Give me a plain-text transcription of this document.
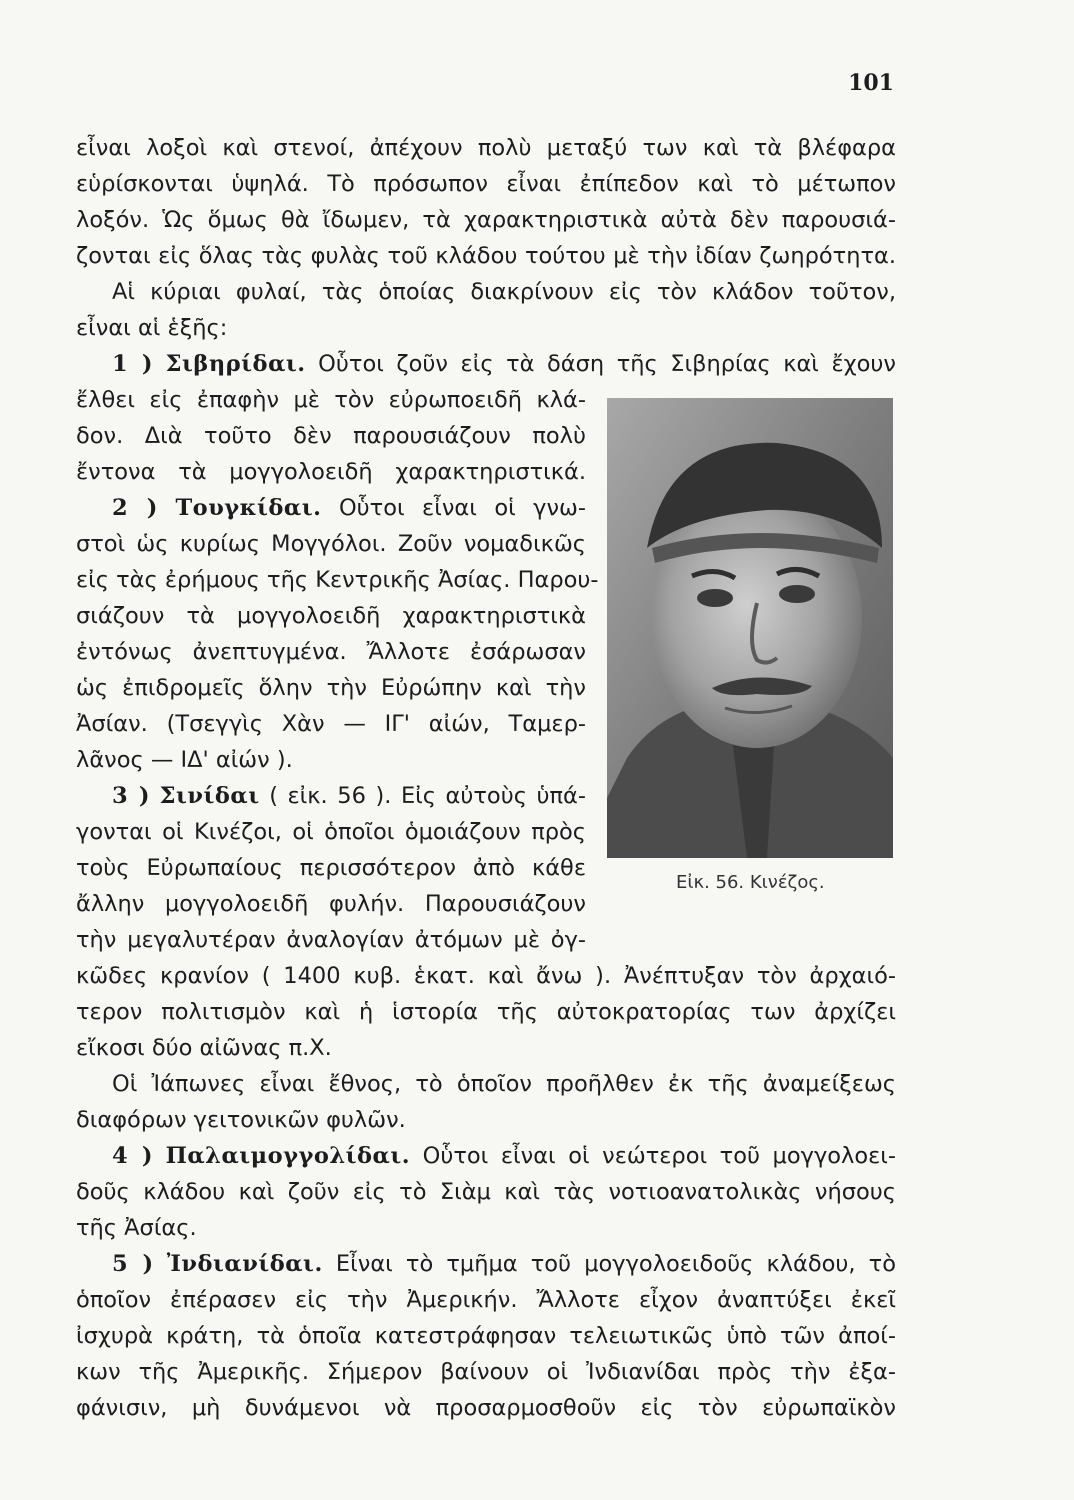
101
εἶναι λοξοὶ καὶ στενοί, ἀπέχουν πολὺ μεταξύ των καὶ τὰ βλέφαρα
εὑρίσκονται ὑψηλά. Τὸ πρόσωπον εἶναι ἐπίπεδον καὶ τὸ μέτωπον
λοξόν. Ὡς ὅμως θὰ ἴδωμεν, τὰ χαρακτηριστικὰ αὐτὰ δὲν παρουσιά-
ζονται εἰς ὅλας τὰς φυλὰς τοῦ κλάδου τούτου μὲ τὴν ἰδίαν ζωηρότητα.
Αἱ κύριαι φυλαί, τὰς ὁποίας διακρίνουν εἰς τὸν κλάδον τοῦτον,
εἶναι αἱ ἑξῆς:
1 ) Σιβηρίδαι. Οὗτοι ζοῦν εἰς τὰ δάση τῆς Σιβηρίας καὶ ἔχουν
ἔλθει εἰς ἐπαφὴν μὲ τὸν εὐρωποειδῆ κλά-
δον. Διὰ τοῦτο δὲν παρουσιάζουν πολὺ
ἔντονα τὰ μογγολοειδῆ χαρακτηριστικά.
2 ) Τουγκίδαι. Οὗτοι εἶναι οἱ γνω-
στοὶ ὡς κυρίως Μογγόλοι. Ζοῦν νομαδικῶς
εἰς τὰς ἐρήμους τῆς Κεντρικῆς Ἀσίας. Παρου-
σιάζουν τὰ μογγολοειδῆ χαρακτηριστικὰ
ἐντόνως ἀνεπτυγμένα. Ἄλλοτε ἐσάρωσαν
ὡς ἐπιδρομεῖς ὅλην τὴν Εὐρώπην καὶ τὴν
Ἀσίαν. (Τσεγγὶς Χὰν — ΙΓ' αἰών, Ταμερ-
λᾶνος — ΙΔ' αἰών ).
3 ) Σινίδαι ( εἰκ. 56 ). Εἰς αὐτοὺς ὑπά-
γονται οἱ Κινέζοι, οἱ ὁποῖοι ὁμοιάζουν πρὸς
τοὺς Εὐρωπαίους περισσότερον ἀπὸ κάθε
ἄλλην μογγολοειδῆ φυλήν. Παρουσιάζουν
τὴν μεγαλυτέραν ἀναλογίαν ἀτόμων μὲ ὀγ-
κῶδες κρανίον ( 1400 κυβ. ἑκατ. καὶ ἄνω ). Ἀνέπτυξαν τὸν ἀρχαιό-
τερον πολιτισμὸν καὶ ἡ ἱστορία τῆς αὐτοκρατορίας των ἀρχίζει
εἴκοσι δύο αἰῶνας π.Χ.
Οἱ Ἰάπωνες εἶναι ἔθνος, τὸ ὁποῖον προῆλθεν ἐκ τῆς ἀναμείξεως
διαφόρων γειτονικῶν φυλῶν.
4 ) Παλαιμογγολίδαι. Οὗτοι εἶναι οἱ νεώτεροι τοῦ μογγολοει-
δοῦς κλάδου καὶ ζοῦν εἰς τὸ Σιὰμ καὶ τὰς νοτιοανατολικὰς νήσους
τῆς Ἀσίας.
5 ) Ἰνδιανίδαι. Εἶναι τὸ τμῆμα τοῦ μογγολοειδοῦς κλάδου, τὸ
ὁποῖον ἐπέρασεν εἰς τὴν Ἀμερικήν. Ἄλλοτε εἶχον ἀναπτύξει ἐκεῖ
ἰσχυρὰ κράτη, τὰ ὁποῖα κατεστράφησαν τελειωτικῶς ὑπὸ τῶν ἀποί-
κων τῆς Ἀμερικῆς. Σήμερον βαίνουν οἱ Ἰνδιανίδαι πρὸς τὴν ἐξα-
φάνισιν, μὴ δυνάμενοι νὰ προσαρμοσθοῦν εἰς τὸν εὐρωπαϊκὸν
Εἰκ. 56. Κινέζος.
